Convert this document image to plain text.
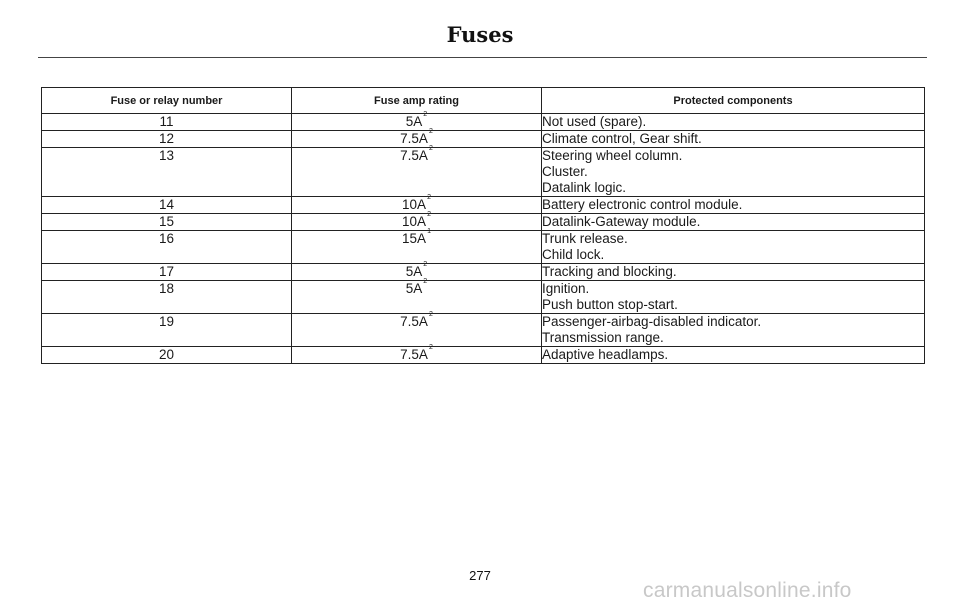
Fuses
Fuse or relay number	Fuse amp rating	Protected components
11	$5A^2$	Not used (spare).

12	$7.5A^2$	Climate control, Gear shift.

13	$7.5A^2$	Steering wheel column.
Cluster.
Datalink logic.

14	$10A^2$	Battery electronic control module.

15	$10A^2$	Datalink-Gateway module.

16	$15A^1$	Trunk release.
Child lock.

17	$5A^2$	Tracking and blocking.

18	$5A^2$	Ignition.
Push button stop-start.

19	$7.5A^2$	Passenger-airbag-disabled indicator.
Transmission range.

20	$7.5A^2$	Adaptive headlamps.
277
carmanualsonline.info
